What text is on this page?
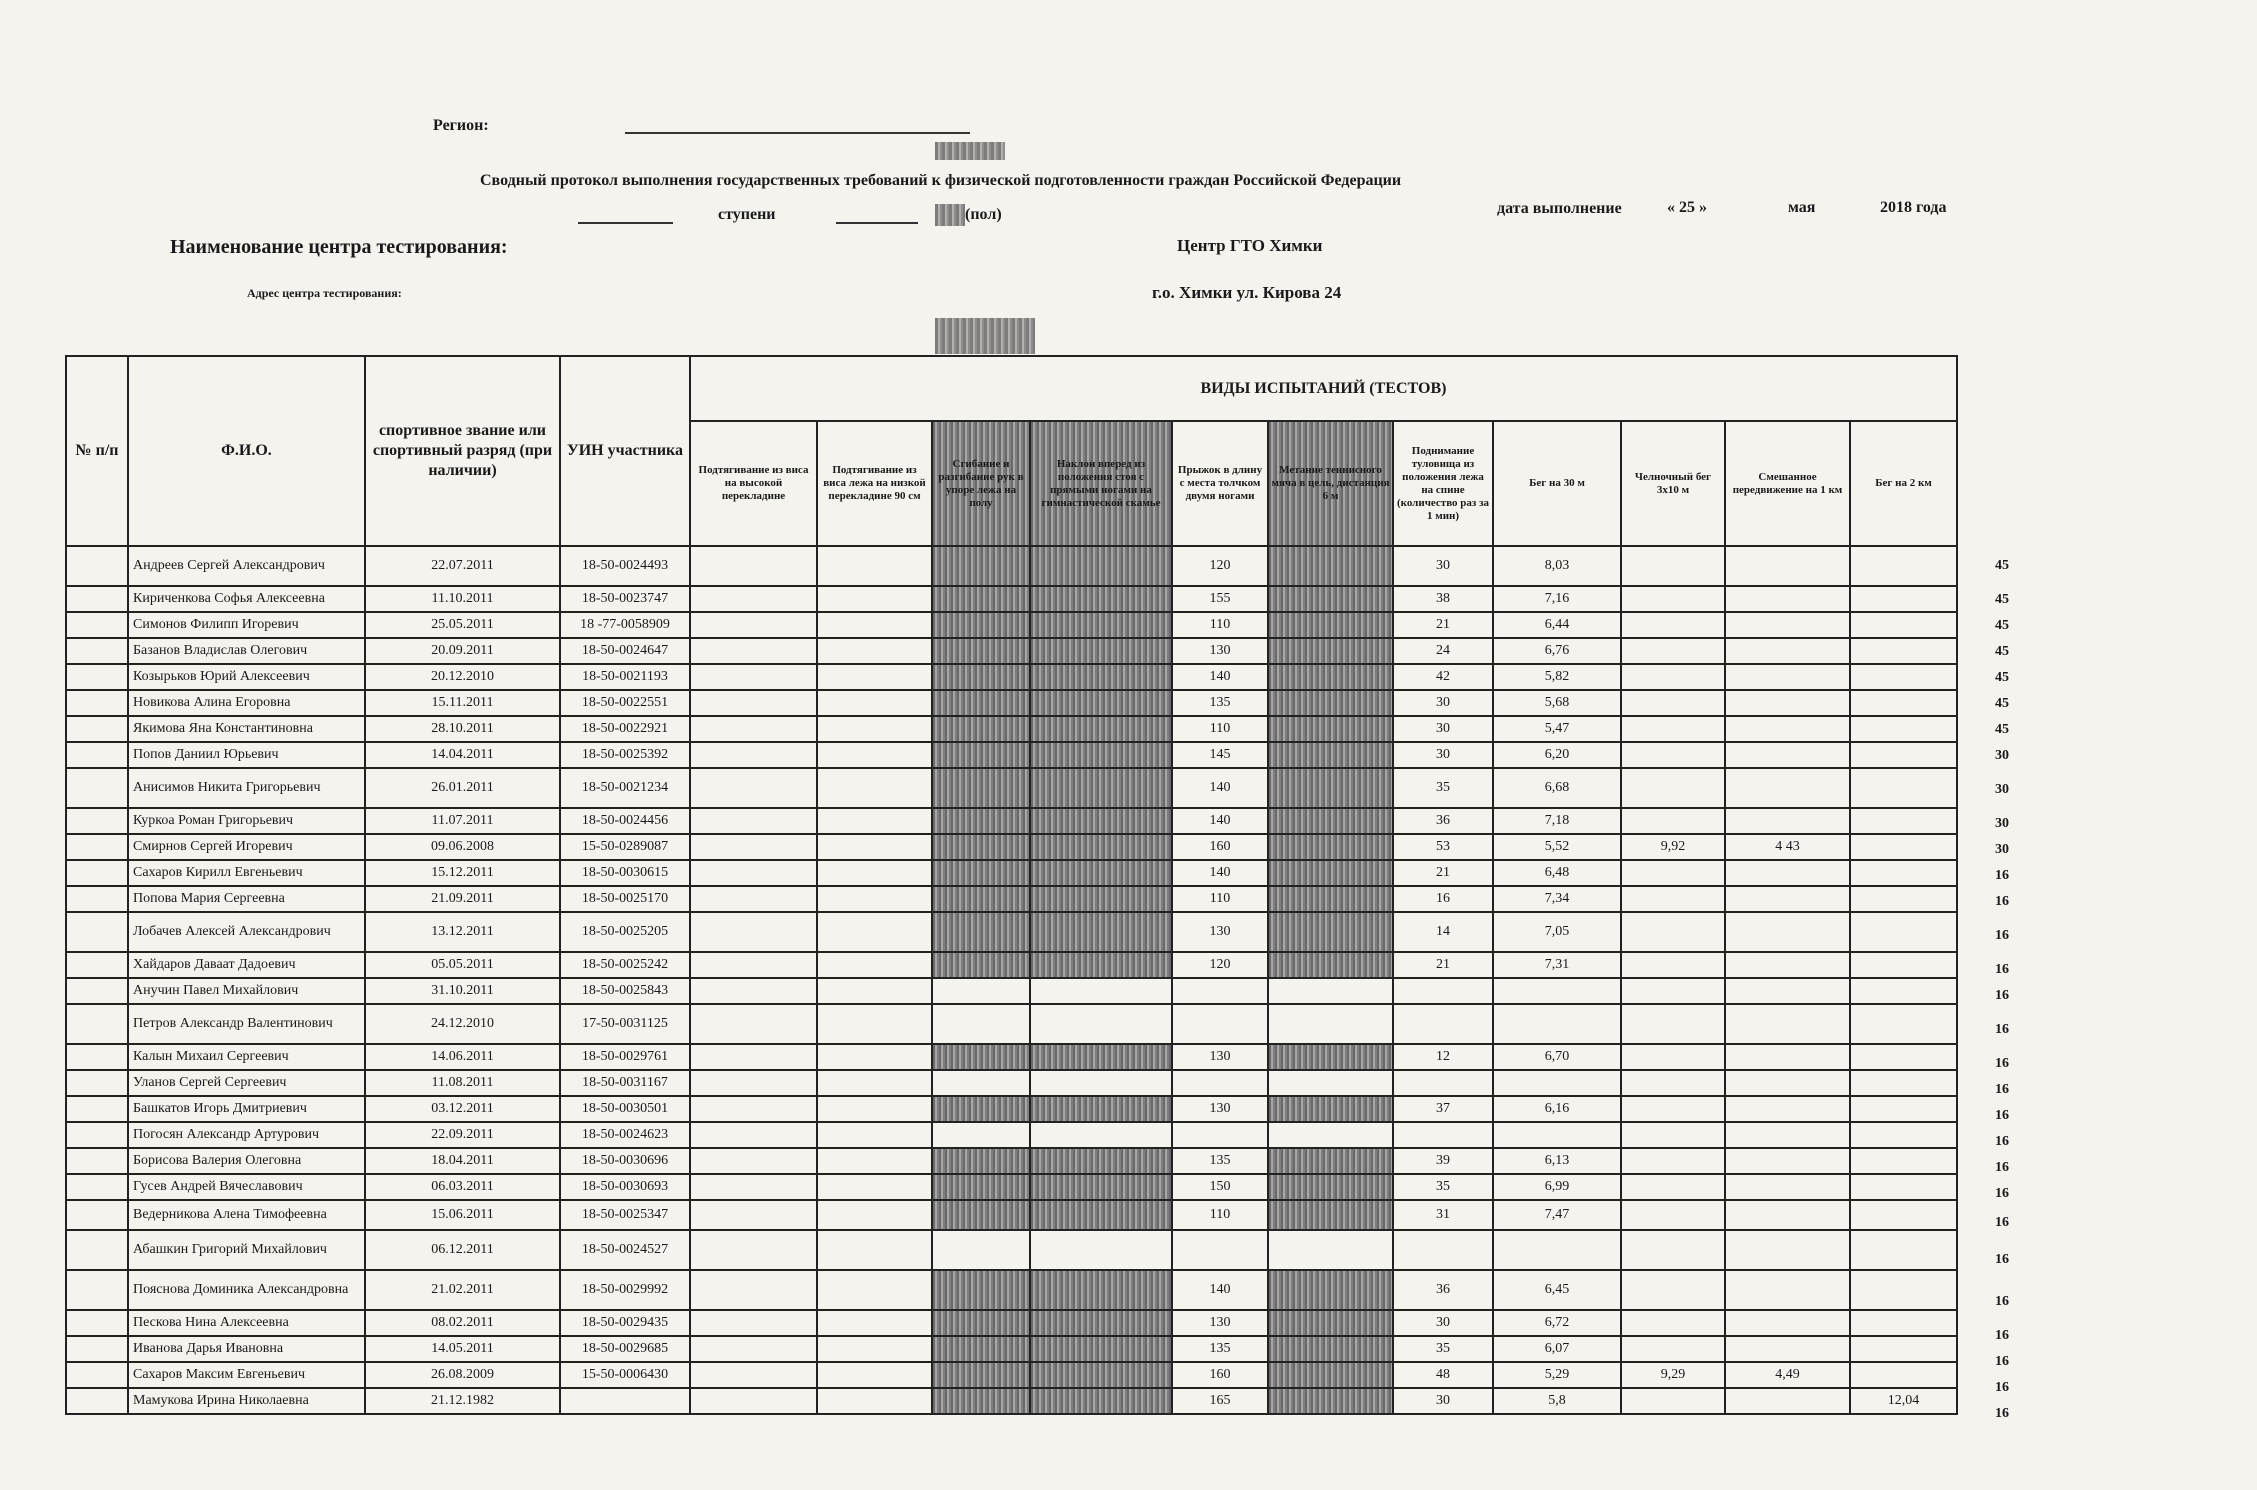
Регион:
Сводный протокол выполнения государственных требований к физической подготовленности граждан Российской Федерации
ступени	(пол)	дата выполнение	« 25 »	мая	2018 года
Наименование центра тестирования:	Центр ГТО Химки
Адрес центра тестирования:	г.о. Химки ул. Кирова 24
№ п/п	Ф.И.О.	спортивное звание или спортивный разряд (при наличии)	УИН участника	ВИДЫ ИСПЫТАНИЙ (ТЕСТОВ)										
				Подтягивание из виса на высокой перекладине	Подтягивание из виса лежа на низкой перекладине 90 см	Сгибание и разгибание рук в упоре лежа на полу	Наклон вперед из положения стоя с прямыми ногами на гимнастической скамье	Прыжок в длину с места толчком двумя ногами	Метание теннисного мяча в цель, дистанция 6 м	Поднимание туловища из положения лежа на спине (количество раз за 1 мин)	Бег на 30 м	Челночный бег 3х10 м	Смешанное передвижение на 1 км	Бег на 2 км
	Андреев Сергей Александрович	22.07.2011	18-50-0024493					120		30	8,03			
	Кириченкова Софья Алексеевна	11.10.2011	18-50-0023747					155		38	7,16			
	Симонов Филипп Игоревич	25.05.2011	18 -77-0058909					110		21	6,44			
	Базанов Владислав Олегович	20.09.2011	18-50-0024647					130		24	6,76			
	Козырьков Юрий Алексеевич	20.12.2010	18-50-0021193					140		42	5,82			
	Новикова Алина Егоровна	15.11.2011	18-50-0022551					135		30	5,68			
	Якимова Яна Константиновна	28.10.2011	18-50-0022921					110		30	5,47			
	Попов Даниил Юрьевич	14.04.2011	18-50-0025392					145		30	6,20			
	Анисимов Никита Григорьевич	26.01.2011	18-50-0021234					140		35	6,68			
	Куркоа Роман Григорьевич	11.07.2011	18-50-0024456					140		36	7,18			
	Смирнов Сергей Игоревич	09.06.2008	15-50-0289087					160		53	5,52	9,92	4 43	
	Сахаров Кирилл Евгеньевич	15.12.2011	18-50-0030615					140		21	6,48			
	Попова Мария Сергеевна	21.09.2011	18-50-0025170					110		16	7,34			
	Лобачев Алексей Александрович	13.12.2011	18-50-0025205					130		14	7,05			
	Хайдаров Даваат Дадоевич	05.05.2011	18-50-0025242					120		21	7,31			
	Анучин Павел Михайлович	31.10.2011	18-50-0025843											
	Петров Александр Валентинович	24.12.2010	17-50-0031125											
	Калын Михаил Сергеевич	14.06.2011	18-50-0029761					130		12	6,70			
	Уланов Сергей Сергеевич	11.08.2011	18-50-0031167											
	Башкатов Игорь Дмитриевич	03.12.2011	18-50-0030501					130		37	6,16			
	Погосян Александр Артурович	22.09.2011	18-50-0024623											
	Борисова Валерия Олеговна	18.04.2011	18-50-0030696					135		39	6,13			
	Гусев Андрей Вячеславович	06.03.2011	18-50-0030693					150		35	6,99			
	Ведерникова Алена Тимофеевна	15.06.2011	18-50-0025347					110		31	7,47			
	Абашкин Григорий Михайлович	06.12.2011	18-50-0024527											
	Пояснова Доминика Александровна	21.02.2011	18-50-0029992					140		36	6,45			
	Пескова Нина Алексеевна	08.02.2011	18-50-0029435					130		30	6,72			
	Иванова Дарья Ивановна	14.05.2011	18-50-0029685					135		35	6,07			
	Сахаров Максим Евгеньевич	26.08.2009	15-50-0006430					160		48	5,29	9,29	4,49	
	Мамукова Ирина Николаевна	21.12.1982						165		30	5,8			12,04
45
45
45
45
45
45
45
30
30
30
30
16
16
16
16
16
16
16
16
16
16
16
16
16
16
16
16
16
16
16
